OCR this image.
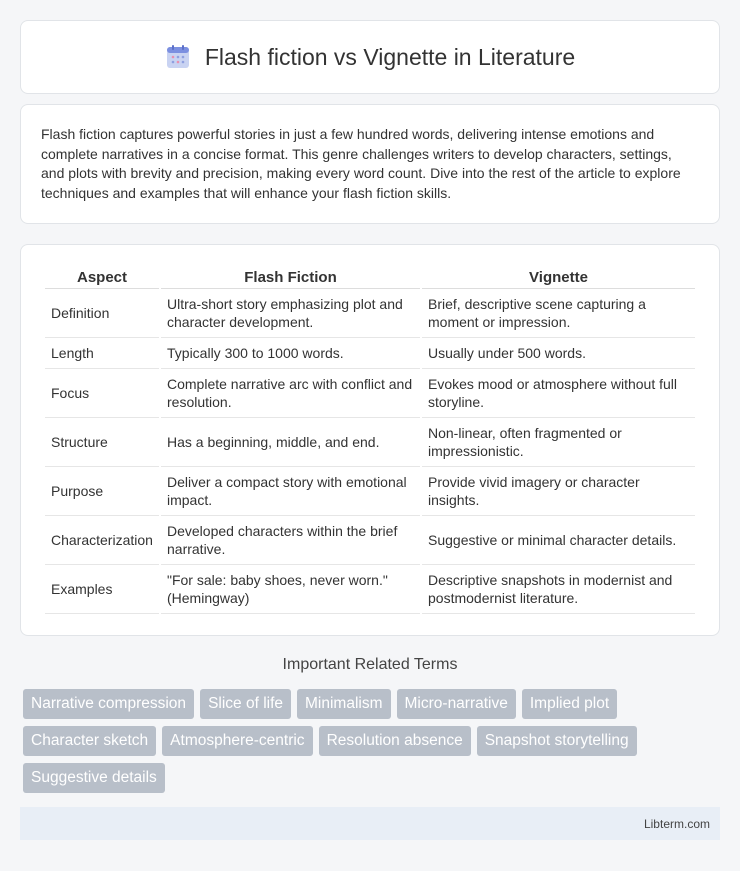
Flash fiction vs Vignette in Literature

Flash fiction captures powerful stories in just a few hundred words, delivering intense emotions and complete narratives in a concise format. This genre challenges writers to develop characters, settings, and plots with brevity and precision, making every word count. Dive into the rest of the article to explore techniques and examples that will enhance your flash fiction skills.

Aspect	Flash Fiction	Vignette
Definition	Ultra-short story emphasizing plot and character development.	Brief, descriptive scene capturing a moment or impression.
Length	Typically 300 to 1000 words.	Usually under 500 words.
Focus	Complete narrative arc with conflict and resolution.	Evokes mood or atmosphere without full storyline.
Structure	Has a beginning, middle, and end.	Non-linear, often fragmented or impressionistic.
Purpose	Deliver a compact story with emotional impact.	Provide vivid imagery or character insights.
Characterization	Developed characters within the brief narrative.	Suggestive or minimal character details.
Examples	"For sale: baby shoes, never worn." (Hemingway)	Descriptive snapshots in modernist and postmodernist literature.
Important Related Terms
Narrative compression	Slice of life	Minimalism	Micro-narrative	Implied plot
Character sketch	Atmosphere-centric	Resolution absence	Snapshot storytelling
Suggestive details
Libterm.com
